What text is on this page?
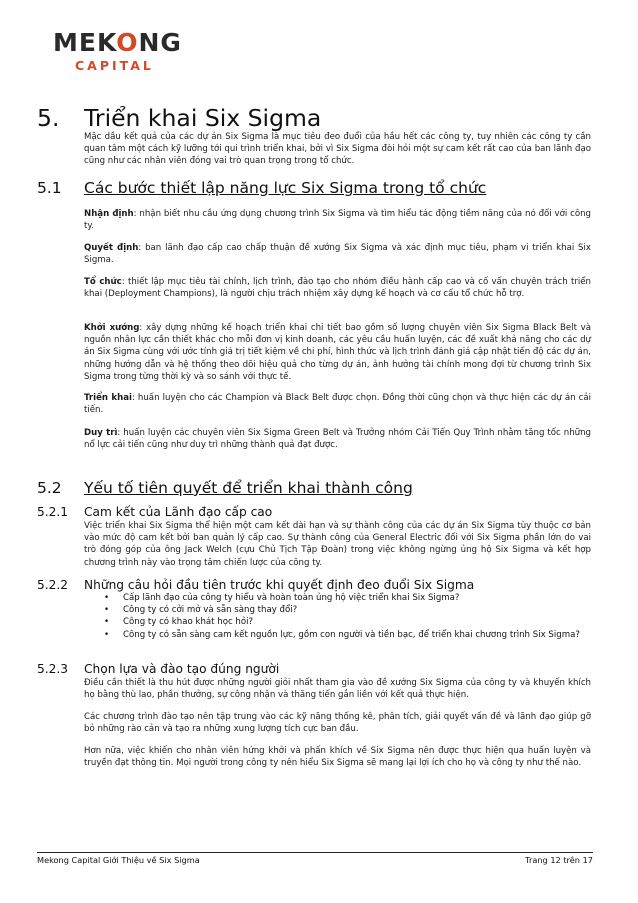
MEKONG
CAPITAL
5. Triển khai Six Sigma
Mặc dầu kết quả của các dự án Six Sigma là mục tiêu đeo đuổi của hầu hết các công ty, tuy nhiên các công ty cần quan tâm một cách kỹ lưỡng tới qui trình triển khai, bởi vì Six Sigma đòi hỏi một sự cam kết rất cao của ban lãnh đạo cũng như các nhân viên đóng vai trò quan trọng trong tổ chức.
5.1 Các bước thiết lập năng lực Six Sigma trong tổ chức
Nhận định: nhận biết nhu cầu ứng dụng chương trình Six Sigma và tìm hiểu tác động tiềm năng của nó đối với công ty.
Quyết định: ban lãnh đạo cấp cao chấp thuận đề xướng Six Sigma và xác định mục tiêu, phạm vi triển khai Six Sigma.
Tổ chức: thiết lập mục tiêu tài chính, lịch trình, đào tạo cho nhóm điều hành cấp cao và cố vấn chuyên trách triển khai (Deployment Champions), là người chịu trách nhiệm xây dựng kế hoạch và cơ cấu tổ chức hỗ trợ.
Khởi xướng: xây dựng những kế hoạch triển khai chi tiết bao gồm số lượng chuyên viên Six Sigma Black Belt và nguồn nhân lực cần thiết khác cho mỗi đơn vị kinh doanh, các yêu cầu huấn luyện, các đề xuất khả năng cho các dự án Six Sigma cùng với ước tính giá trị tiết kiệm về chi phí, hình thức và lịch trình đánh giá cập nhật tiến độ các dự án, những hướng dẫn và hệ thống theo dõi hiệu quả cho từng dự án, ảnh hưởng tài chính mong đợi từ chương trình Six Sigma trong từng thời kỳ và so sánh với thực tế.
Triển khai: huấn luyện cho các Champion và Black Belt được chọn. Đồng thời cũng chọn và thực hiện các dự án cải tiến.
Duy trì: huấn luyện các chuyên viên Six Sigma Green Belt và Trưởng nhóm Cải Tiến Quy Trình nhằm tăng tốc những nổ lực cải tiến cũng như duy trì những thành quả đạt được.
5.2 Yếu tố tiên quyết để triển khai thành công
5.2.1 Cam kết của Lãnh đạo cấp cao
Việc triển khai Six Sigma thể hiện một cam kết dài hạn và sự thành công của các dự án Six Sigma tùy thuộc cơ bản vào mức độ cam kết bởi ban quản lý cấp cao. Sự thành công của General Electric đối với Six Sigma phần lớn do vai trò đóng góp của ông Jack Welch (cựu Chủ Tịch Tập Đoàn) trong việc không ngừng ủng hộ Six Sigma và kết hợp chương trình này vào trọng tâm chiến lược của công ty.
5.2.2 Những câu hỏi đầu tiên trước khi quyết định đeo đuổi Six Sigma
• Cấp lãnh đạo của công ty hiểu và hoàn toàn ủng hộ việc triển khai Six Sigma?
• Công ty có cởi mở và sẵn sàng thay đổi?
• Công ty có khao khát học hỏi?
• Công ty có sẵn sàng cam kết nguồn lực, gồm con người và tiền bạc, để triển khai chương trình Six Sigma?
5.2.3 Chọn lựa và đào tạo đúng người
Điều cần thiết là thu hút được những người giỏi nhất tham gia vào đề xướng Six Sigma của công ty và khuyến khích họ bằng thù lao, phần thưởng, sự công nhận và thăng tiến gắn liền với kết quả thực hiện.
Các chương trình đào tạo nên tập trung vào các kỹ năng thống kê, phân tích, giải quyết vấn đề và lãnh đạo giúp gỡ bỏ những rào cản và tạo ra những xung lượng tích cực ban đầu.
Hơn nữa, việc khiến cho nhân viên hứng khởi và phấn khích về Six Sigma nên được thực hiện qua huấn luyện và truyền đạt thông tin. Mọi người trong công ty nên hiểu Six Sigma sẽ mang lại lợi ích cho họ và công ty như thế nào.
Mekong Capital Giới Thiệu về Six Sigma	Trang 12 trên 17
